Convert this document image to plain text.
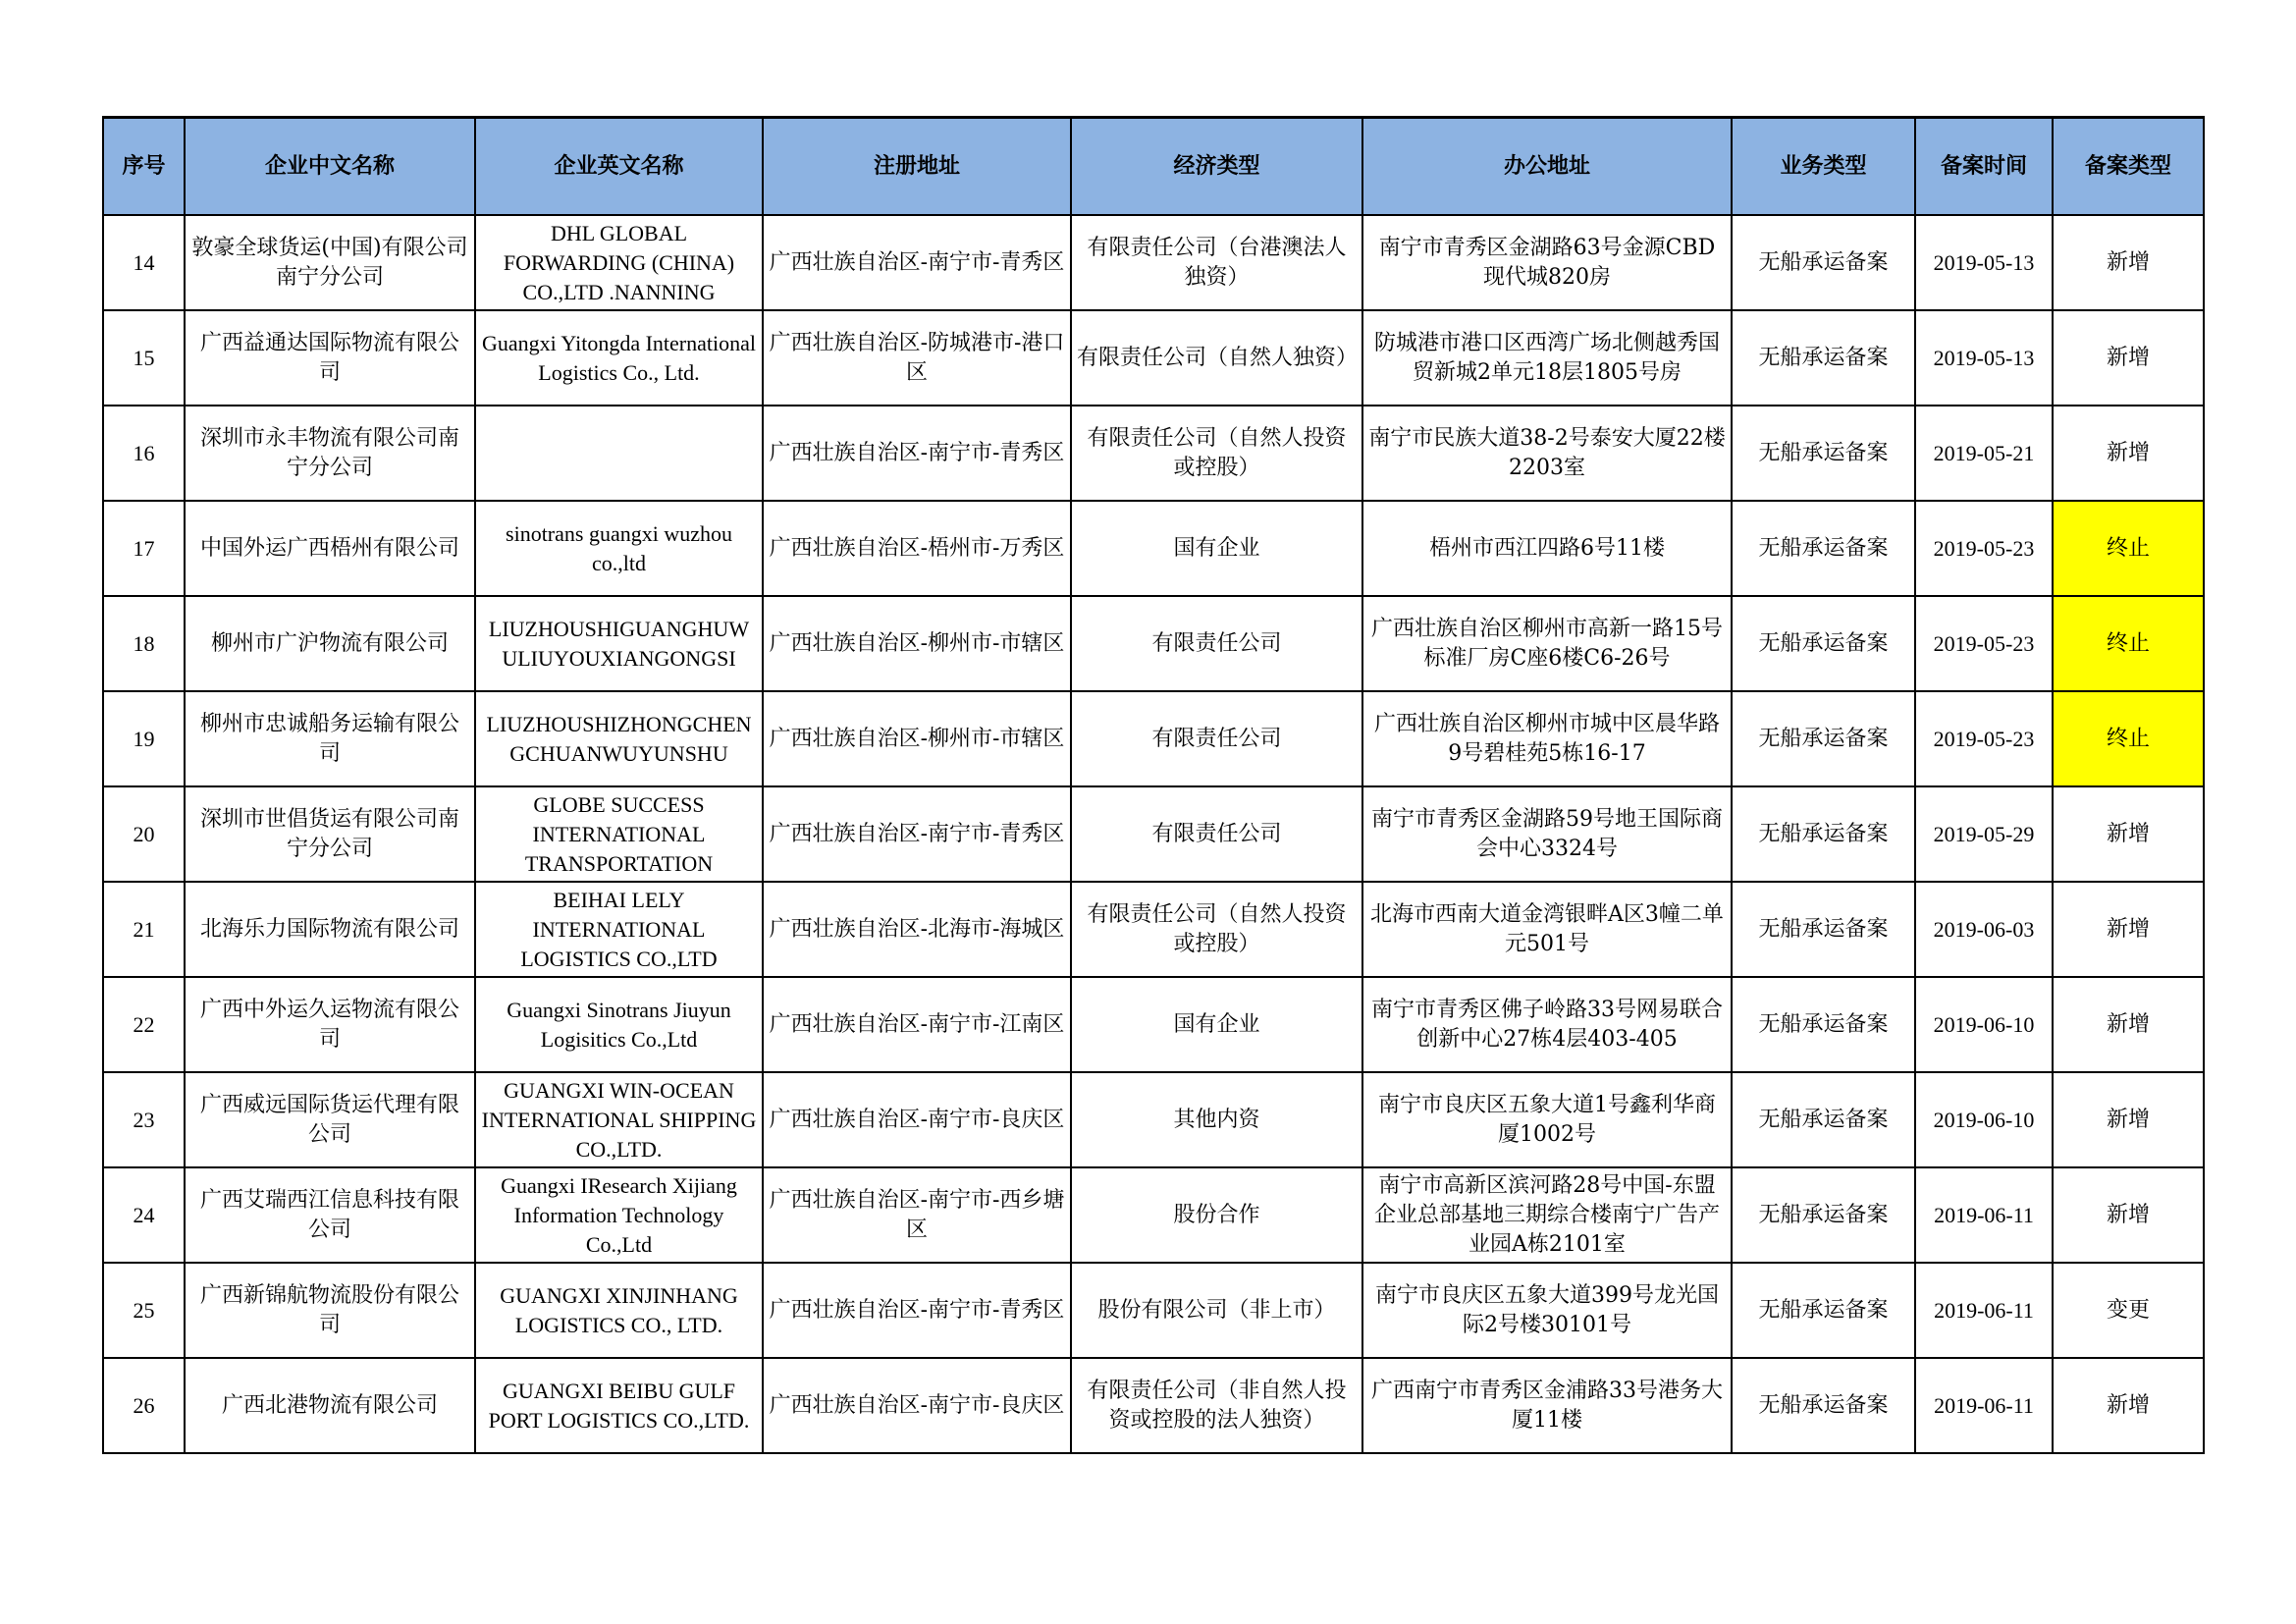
序号	企业中文名称	企业英文名称	注册地址	经济类型	办公地址	业务类型	备案时间	备案类型
14	敦豪全球货运(中国)有限公司南宁分公司	DHL GLOBAL FORWARDING (CHINA) CO.,LTD .NANNING	广西壮族自治区-南宁市-青秀区	有限责任公司（台港澳法人独资）	南宁市青秀区金湖路63号金源CBD现代城820房	无船承运备案	2019-05-13	新增
15	广西益通达国际物流有限公司	Guangxi Yitongda International Logistics Co., Ltd.	广西壮族自治区-防城港市-港口区	有限责任公司（自然人独资）	防城港市港口区西湾广场北侧越秀国贸新城2单元18层1805号房	无船承运备案	2019-05-13	新增
16	深圳市永丰物流有限公司南宁分公司		广西壮族自治区-南宁市-青秀区	有限责任公司（自然人投资或控股）	南宁市民族大道38-2号泰安大厦22楼2203室	无船承运备案	2019-05-21	新增
17	中国外运广西梧州有限公司	sinotrans guangxi wuzhou co.,ltd	广西壮族自治区-梧州市-万秀区	国有企业	梧州市西江四路6号11楼	无船承运备案	2019-05-23	终止
18	柳州市广沪物流有限公司	LIUZHOUSHIGUANGHUWULIUYOUXIANGONGSI	广西壮族自治区-柳州市-市辖区	有限责任公司	广西壮族自治区柳州市高新一路15号标准厂房C座6楼C6-26号	无船承运备案	2019-05-23	终止
19	柳州市忠诚船务运输有限公司	LIUZHOUSHIZHONGCHENGCHUANWUYUNSHU	广西壮族自治区-柳州市-市辖区	有限责任公司	广西壮族自治区柳州市城中区晨华路9号碧桂苑5栋16-17	无船承运备案	2019-05-23	终止
20	深圳市世倡货运有限公司南宁分公司	GLOBE SUCCESS INTERNATIONAL TRANSPORTATION	广西壮族自治区-南宁市-青秀区	有限责任公司	南宁市青秀区金湖路59号地王国际商会中心3324号	无船承运备案	2019-05-29	新增
21	北海乐力国际物流有限公司	BEIHAI LELY INTERNATIONAL LOGISTICS CO.,LTD	广西壮族自治区-北海市-海城区	有限责任公司（自然人投资或控股）	北海市西南大道金湾银畔A区3幢二单元501号	无船承运备案	2019-06-03	新增
22	广西中外运久运物流有限公司	Guangxi Sinotrans Jiuyun Logisitics Co.,Ltd	广西壮族自治区-南宁市-江南区	国有企业	南宁市青秀区佛子岭路33号网易联合创新中心27栋4层403-405	无船承运备案	2019-06-10	新增
23	广西威远国际货运代理有限公司	GUANGXI WIN-OCEAN INTERNATIONAL SHIPPING CO.,LTD.	广西壮族自治区-南宁市-良庆区	其他内资	南宁市良庆区五象大道1号鑫利华商厦1002号	无船承运备案	2019-06-10	新增
24	广西艾瑞西江信息科技有限公司	Guangxi IResearch Xijiang Information Technology Co.,Ltd	广西壮族自治区-南宁市-西乡塘区	股份合作	南宁市高新区滨河路28号中国-东盟企业总部基地三期综合楼南宁广告产业园A栋2101室	无船承运备案	2019-06-11	新增
25	广西新锦航物流股份有限公司	GUANGXI XINJINHANG LOGISTICS CO., LTD.	广西壮族自治区-南宁市-青秀区	股份有限公司（非上市）	南宁市良庆区五象大道399号龙光国际2号楼30101号	无船承运备案	2019-06-11	变更
26	广西北港物流有限公司	GUANGXI BEIBU GULF PORT LOGISTICS CO.,LTD.	广西壮族自治区-南宁市-良庆区	有限责任公司（非自然人投资或控股的法人独资）	广西南宁市青秀区金浦路33号港务大厦11楼	无船承运备案	2019-06-11	新增
